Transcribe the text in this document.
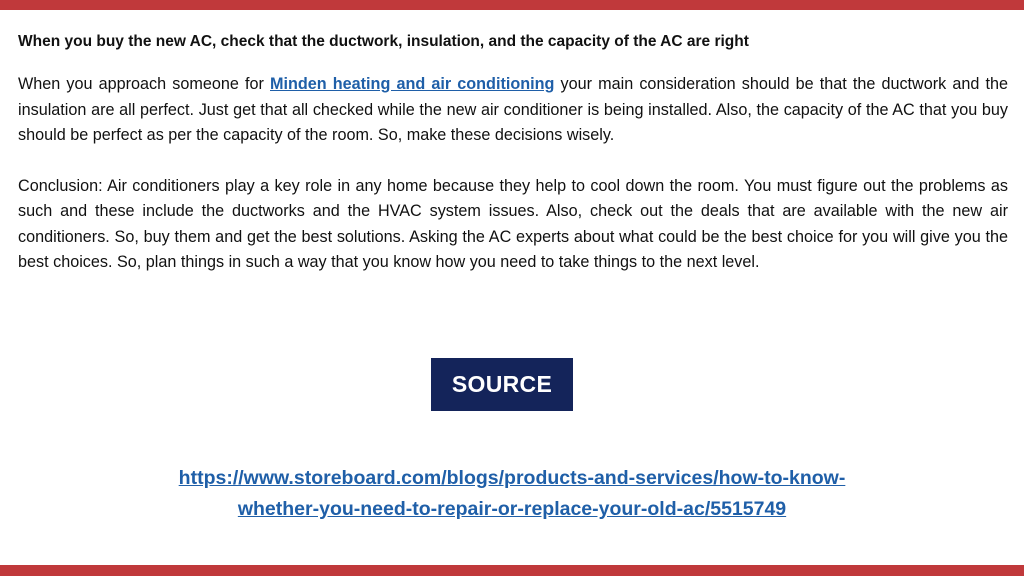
When you buy the new AC, check that the ductwork, insulation, and the capacity of the AC are right

When you approach someone for Minden heating and air conditioning your main consideration should be that the ductwork and the insulation are all perfect. Just get that all checked while the new air conditioner is being installed. Also, the capacity of the AC that you buy should be perfect as per the capacity of the room. So, make these decisions wisely.

Conclusion: Air conditioners play a key role in any home because they help to cool down the room. You must figure out the problems as such and these include the ductworks and the HVAC system issues. Also, check out the deals that are available with the new air conditioners. So, buy them and get the best solutions. Asking the AC experts about what could be the best choice for you will give you the best choices. So, plan things in such a way that you know how you need to take things to the next level.

SOURCE
https://www.storeboard.com/blogs/products-and-services/how-to-know-
whether-you-need-to-repair-or-replace-your-old-ac/5515749
